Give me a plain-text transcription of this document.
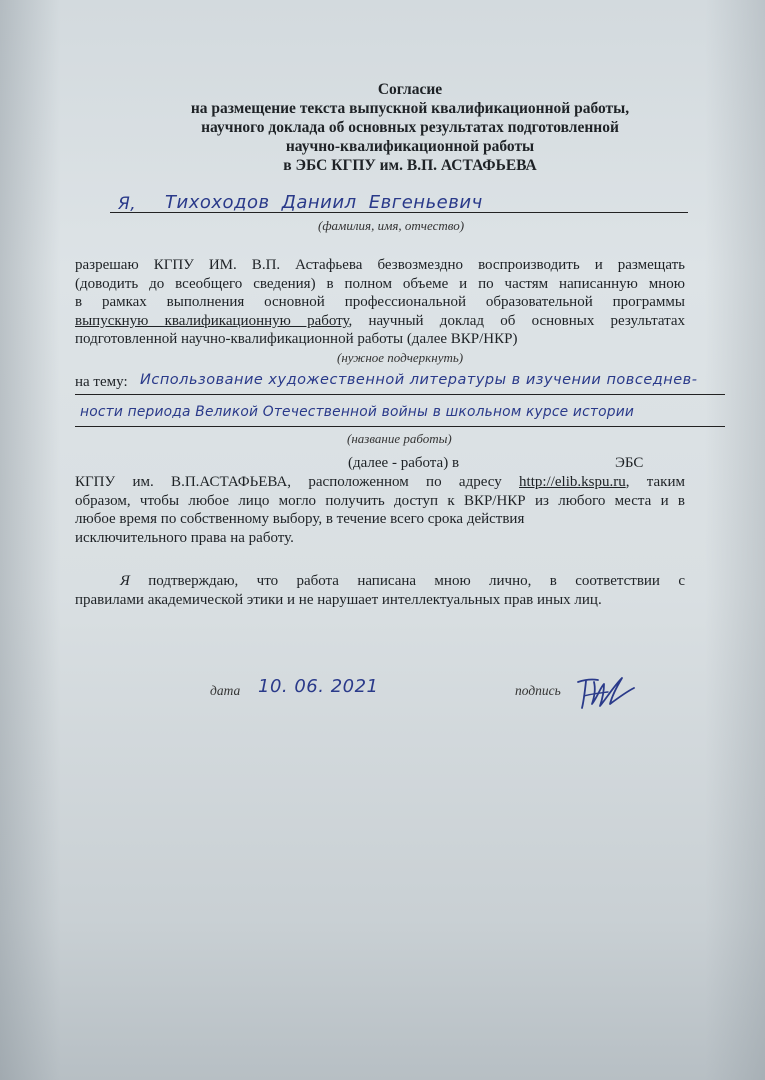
Согласие
на размещение текста выпускной квалификационной работы,
научного доклада об основных результатах подготовленной
научно-квалификационной работы
в ЭБС КГПУ им. В.П. АСТАФЬЕВА
Я, Тихоходов Даниил Евгеньевич
(фамилия, имя, отчество)
разрешаю КГПУ ИМ. В.П. Астафьева безвозмездно воспроизводить и размещать
(доводить до всеобщего сведения) в полном объеме и по частям написанную мною
в рамках выполнения основной профессиональной образовательной программы
выпускную квалификационную работу, научный доклад об основных результатах
подготовленной научно-квалификационной работы (далее ВКР/НКР)
(нужное подчеркнуть)
на тему: Использование художественной литературы в изучении повседнев-
ности периода Великой Отечественной войны в школьном курсе истории
(название работы)
(далее - работа) в	ЭБС
КГПУ им. В.П.АСТАФЬЕВА, расположенном по адресу http://elib.kspu.ru, таким
образом, чтобы любое лицо могло получить доступ к ВКР/НКР из любого места и в
любое время по собственному выбору, в течение всего срока действия
исключительного права на работу.
Я подтверждаю, что работа написана мною лично, в соответствии с
правилами академической этики и не нарушает интеллектуальных прав иных лиц.
дата 10. 06. 2021	подпись
